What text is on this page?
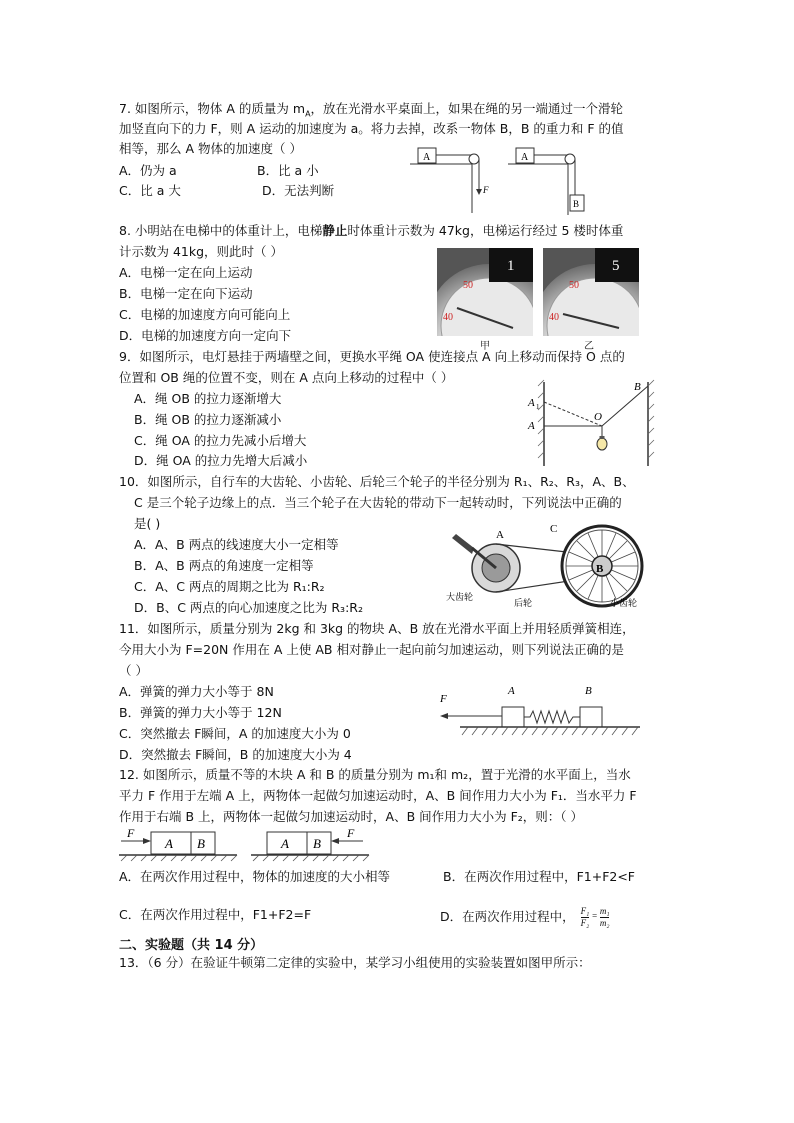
7. 如图所示，物体 A 的质量为 $m_A$，放在光滑水平桌面上，如果在绳的另一端通过一个滑轮
加竖直向下的力 F，则 A 运动的加速度为 a。将力去掉，改系一物体 B，B 的重力和 F 的值
相等，那么 A 物体的加速度（ ）
A．仍为 a	B．比 a 小
C．比 a 大	D．无法判断
A
F
A
B
8. 小明站在电梯中的体重计上，电梯静止时体重计示数为 47kg，电梯运行经过 5 楼时体重
计示数为 41kg，则此时（ ）
A．电梯一定在向上运动
B．电梯一定在向下运动
C．电梯的加速度方向可能向上
D．电梯的加速度方向一定向下
1
50
40
5
50
40
甲	乙
9．如图所示，电灯悬挂于两墙壁之间，更换水平绳 OA 使连接点 A 向上移动而保持 O 点的
位置和 OB 绳的位置不变，则在 A 点向上移动的过程中（ ）
A．绳 OB 的拉力逐渐增大
B．绳 OB 的拉力逐渐减小
C．绳 OA 的拉力先减小后增大
D．绳 OA 的拉力先增大后减小
A 1
A
O
B
10．如图所示，自行车的大齿轮、小齿轮、后轮三个轮子的半径分别为 R₁、R₂、R₃，A、B、
C 是三个轮子边缘上的点．当三个轮子在大齿轮的带动下一起转动时，下列说法中正确的
是( )
A．A、B 两点的线速度大小一定相等
B．A、B 两点的角速度一定相等
C．A、C 两点的周期之比为 R₁:R₂
D．B、C 两点的向心加速度之比为 R₃:R₂
A
B
C
大齿轮
后轮	小齿轮
11．如图所示，质量分别为 2kg 和 3kg 的物块 A、B 放在光滑水平面上并用轻质弹簧相连，
今用大小为 F=20N 作用在 A 上使 AB 相对静止一起向前匀加速运动，则下列说法正确的是
（ ）
A．弹簧的弹力大小等于 8N
B．弹簧的弹力大小等于 12N
C．突然撤去 F瞬间，A 的加速度大小为 0
D．突然撤去 F瞬间，B 的加速度大小为 4
F
A	B
12. 如图所示，质量不等的木块 A 和 B 的质量分别为 m₁和 m₂，置于光滑的水平面上，当水
平力 F 作用于左端 A 上，两物体一起做匀加速运动时，A、B 间作用力大小为 F₁．当水平力 F
作用于右端 B 上，两物体一起做匀加速运动时，A、B 间作用力大小为 F₂，则：（ ）
F
A B	A B
F
A．在两次作用过程中，物体的加速度的大小相等	B．在两次作用过程中，F1+F2<F
C．在两次作用过程中，F1+F2=F	D．在两次作用过程中， $\frac{\text{F₁}}{\text{F₂}} = \frac{\text{m₁}}{\text{m₂}}$
二、实验题（共 14 分）
13．（6 分）在验证牛顿第二定律的实验中，某学习小组使用的实验装置如图甲所示：
